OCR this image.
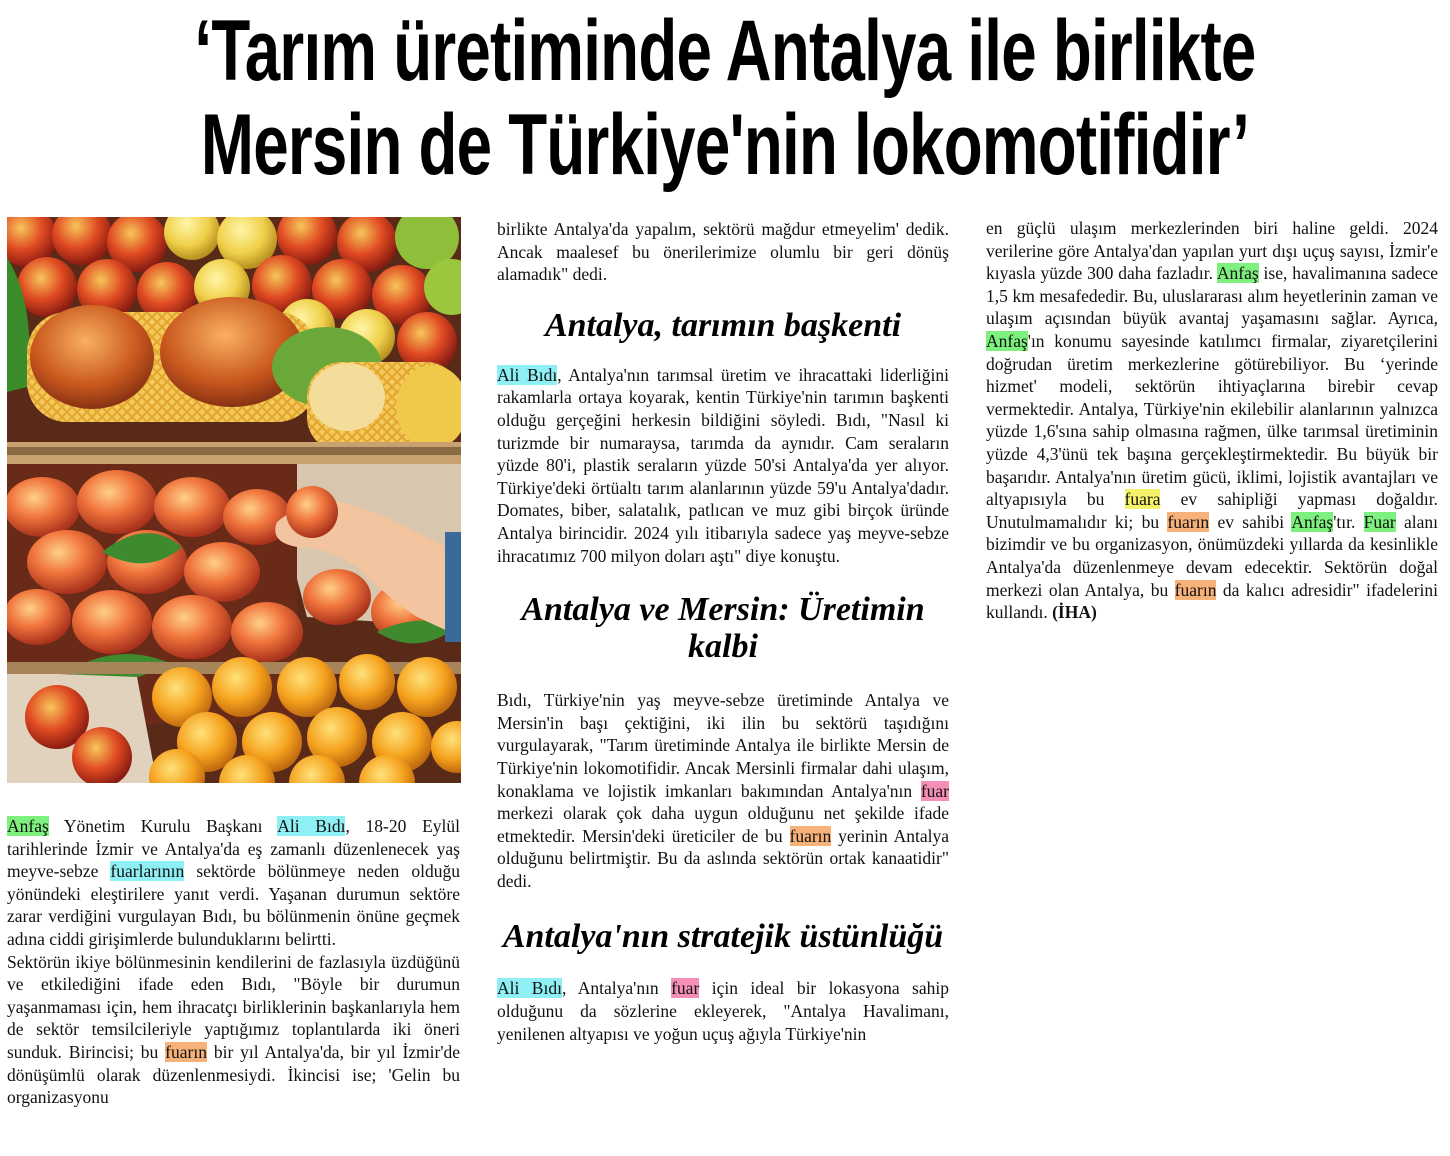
‘Tarım üretiminde Antalya ile birlikte
Mersin de Türkiye'nin lokomotifidir’

Anfaş Yönetim Kurulu Başkanı Ali Bıdı, 18-20 Eylül tarihlerinde İzmir ve Antalya'da eş zamanlı düzenlenecek yaş meyve-sebze fuarlarının sektörde bölünmeye neden olduğu yönündeki eleştirilere yanıt verdi. Yaşanan durumun sektöre zarar verdiğini vurgulayan Bıdı, bu bölünmenin önüne geçmek adına ciddi girişimlerde bulunduklarını belirtti.

Sektörün ikiye bölünmesinin kendilerini de fazlasıyla üzdüğünü ve etkilediğini ifade eden Bıdı, "Böyle bir durumun yaşanmaması için, hem ihracatçı birliklerinin başkanlarıyla hem de sektör temsilcileriyle yaptığımız toplantılarda iki öneri sunduk. Birincisi; bu fuarın bir yıl Antalya'da, bir yıl İzmir'de dönüşümlü olarak düzenlenmesiydi. İkincisi ise; 'Gelin bu organizasyonu

birlikte Antalya'da yapalım, sektörü mağdur etmeyelim' dedik. Ancak maalesef bu önerilerimize olumlu bir geri dönüş alamadık" dedi.

Antalya, tarımın başkenti

Ali Bıdı, Antalya'nın tarımsal üretim ve ihracattaki liderliğini rakamlarla ortaya koyarak, kentin Türkiye'nin tarımın başkenti olduğu gerçeğini herkesin bildiğini söyledi. Bıdı, "Nasıl ki turizmde bir numaraysa, tarımda da aynıdır. Cam seraların yüzde 80'i, plastik seraların yüzde 50'si Antalya'da yer alıyor. Türkiye'deki örtüaltı tarım alanlarının yüzde 59'u Antalya'dadır. Domates, biber, salatalık, patlıcan ve muz gibi birçok üründe Antalya birincidir. 2024 yılı itibarıyla sadece yaş meyve-sebze ihracatımız 700 milyon doları aştı" diye konuştu.

Antalya ve Mersin: Üretimin kalbi

Bıdı, Türkiye'nin yaş meyve-sebze üretiminde Antalya ve Mersin'in başı çektiğini, iki ilin bu sektörü taşıdığını vurgulayarak, "Tarım üretiminde Antalya ile birlikte Mersin de Türkiye'nin lokomotifidir. Ancak Mersinli firmalar dahi ulaşım, konaklama ve lojistik imkanları bakımından Antalya'nın fuar merkezi olarak çok daha uygun olduğunu net şekilde ifade etmektedir. Mersin'deki üreticiler de bu fuarın yerinin Antalya olduğunu belirtmiştir. Bu da aslında sektörün ortak kanaatidir" dedi.

Antalya'nın stratejik üstünlüğü

Ali Bıdı, Antalya'nın fuar için ideal bir lokasyona sahip olduğunu da sözlerine ekleyerek, "Antalya Havalimanı, yenilenen altyapısı ve yoğun uçuş ağıyla Türkiye'nin

en güçlü ulaşım merkezlerinden biri haline geldi. 2024 verilerine göre Antalya'dan yapılan yurt dışı uçuş sayısı, İzmir'e kıyasla yüzde 300 daha fazladır. Anfaş ise, havalimanına sadece 1,5 km mesafededir. Bu, uluslararası alım heyetlerinin zaman ve ulaşım açısından büyük avantaj yaşamasını sağlar. Ayrıca, Anfaş'ın konumu sayesinde katılımcı firmalar, ziyaretçilerini doğrudan üretim merkezlerine götürebiliyor. Bu ‘yerinde hizmet' modeli, sektörün ihtiyaçlarına birebir cevap vermektedir. Antalya, Türkiye'nin ekilebilir alanlarının yalnızca yüzde 1,6'sına sahip olmasına rağmen, ülke tarımsal üretiminin yüzde 4,3'ünü tek başına gerçekleştirmektedir. Bu büyük bir başarıdır. Antalya'nın üretim gücü, iklimi, lojistik avantajları ve altyapısıyla bu fuara ev sahipliği yapması doğaldır. Unutulmamalıdır ki; bu fuarın ev sahibi Anfaş'tır. Fuar alanı bizimdir ve bu organizasyon, önümüzdeki yıllarda da kesinlikle Antalya'da düzenlenmeye devam edecektir. Sektörün doğal merkezi olan Antalya, bu fuarın da kalıcı adresidir" ifadelerini kullandı. (İHA)
